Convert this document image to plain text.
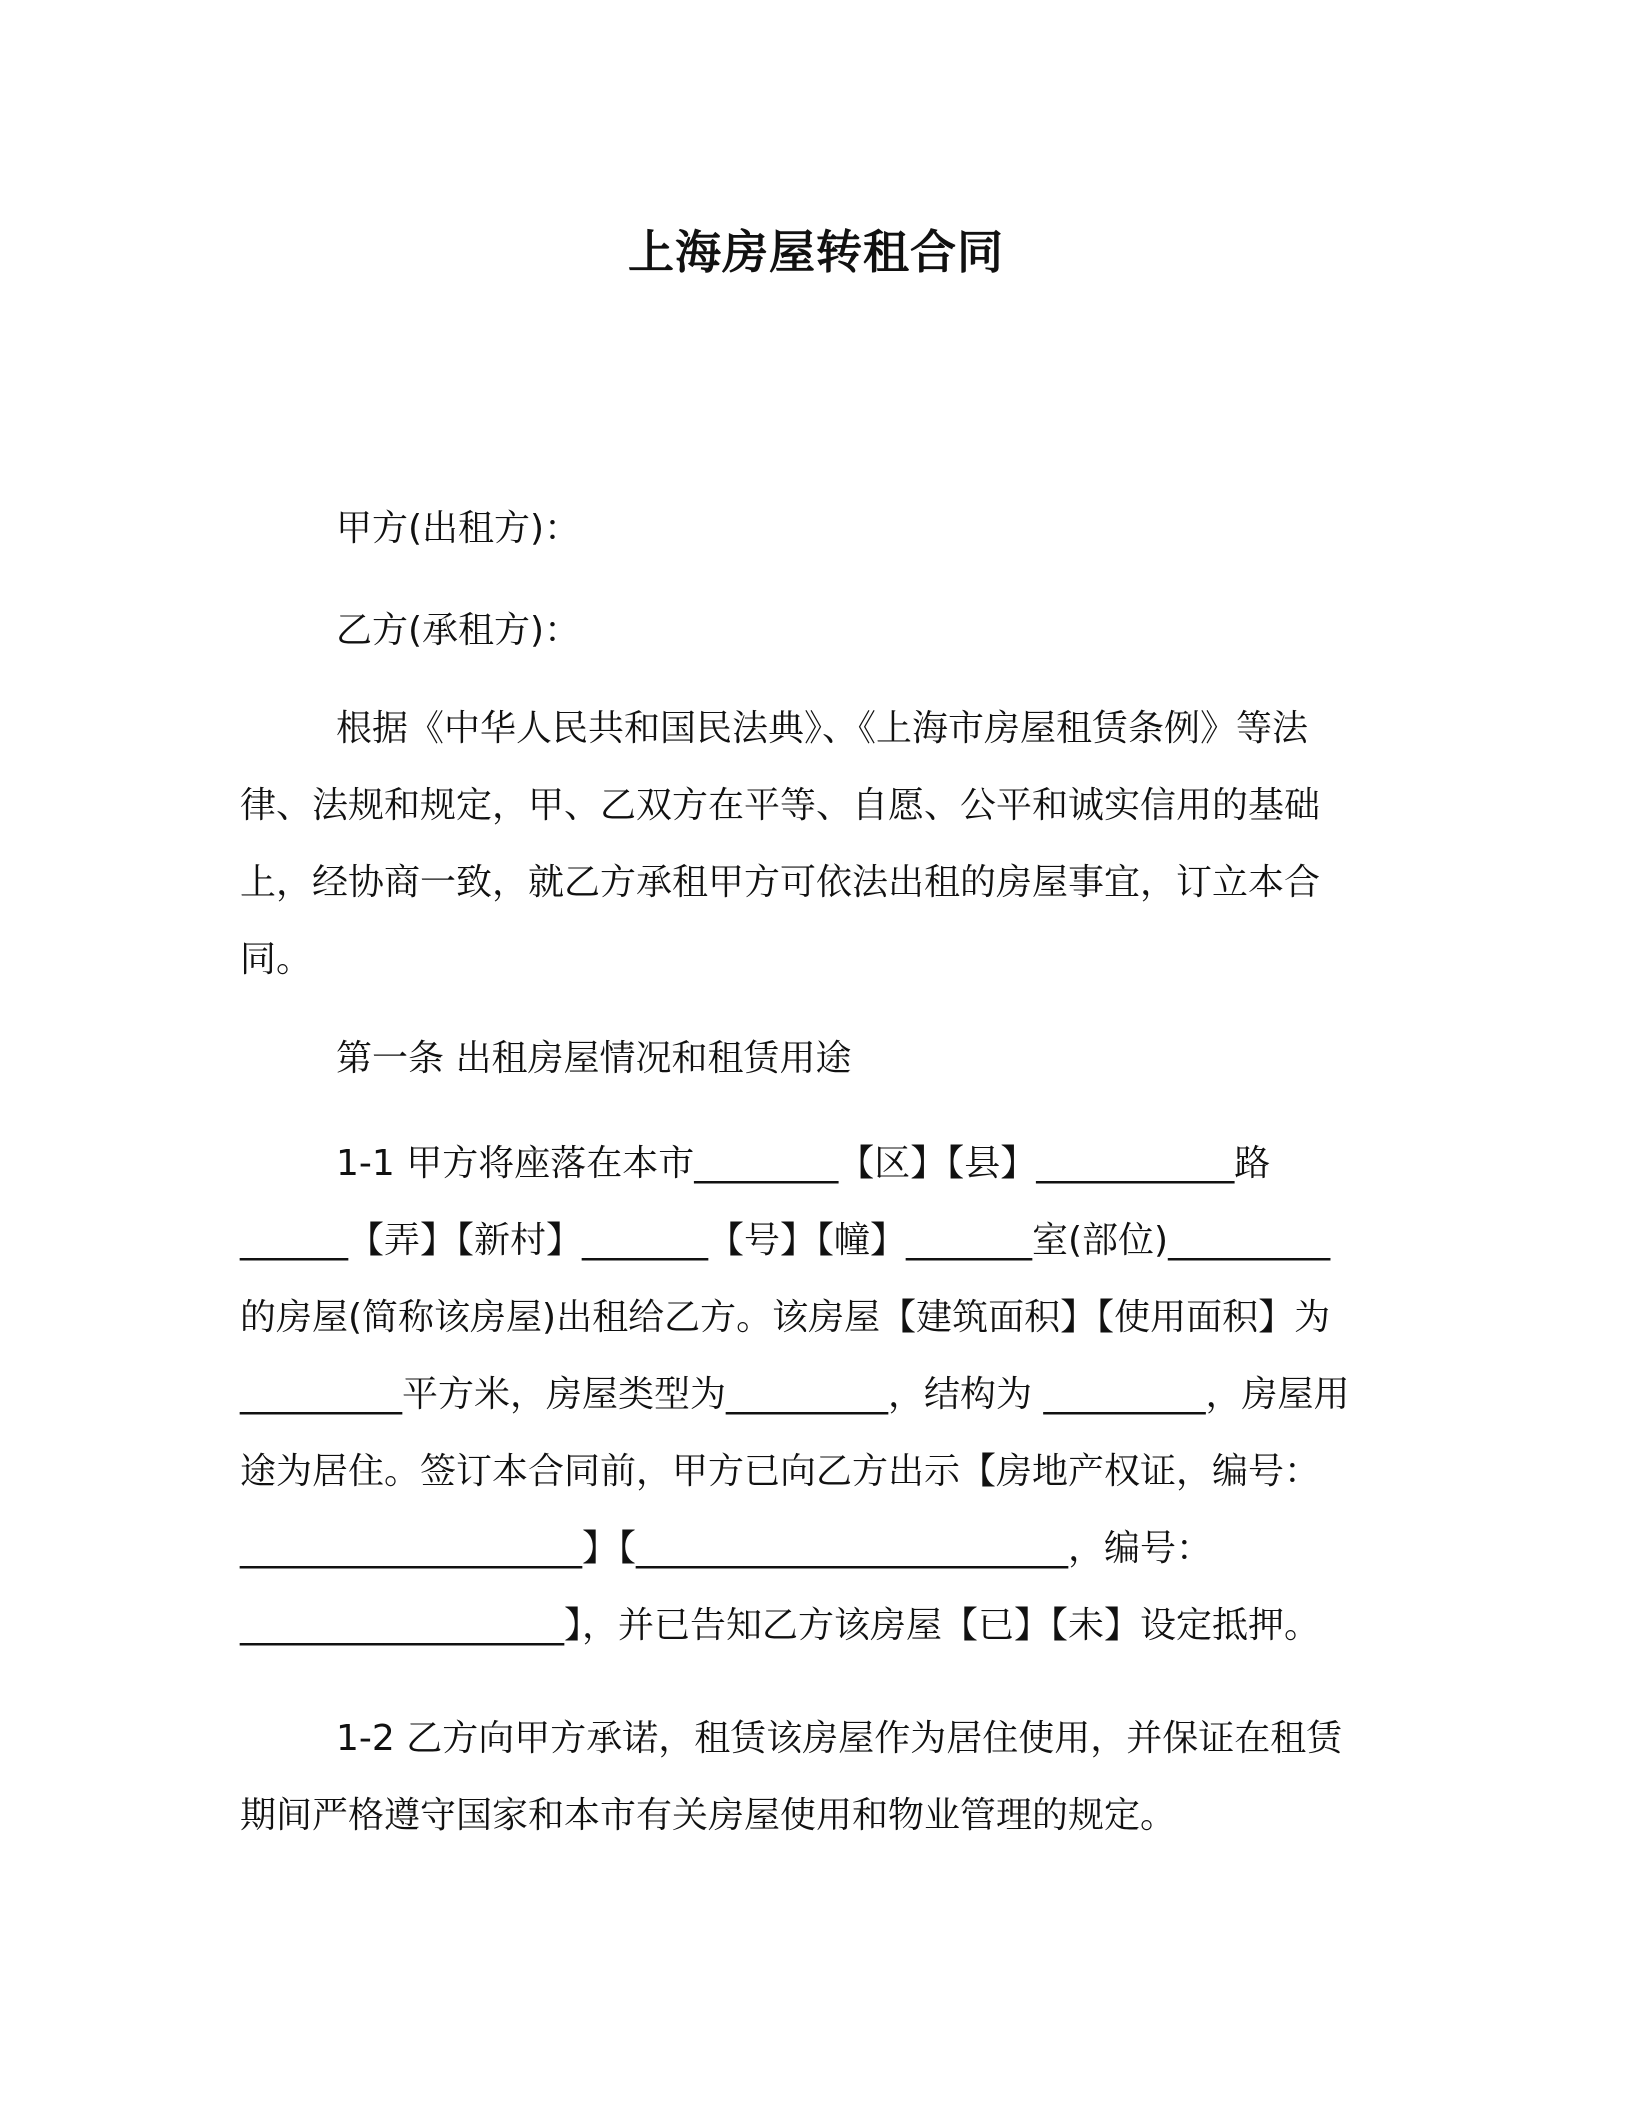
上海房屋转租合同
甲方(出租方)：
乙方(承租方)：
根据《中华人民共和国民法典》、《上海市房屋租赁条例》等法
律、法规和规定，甲、乙双方在平等、自愿、公平和诚实信用的基础
上，经协商一致，就乙方承租甲方可依法出租的房屋事宜，订立本合
同。
第一条 出租房屋情况和租赁用途
1-1 甲方将座落在本市________【区】【县】___________路
______【弄】【新村】_______【号】【幢】_______室(部位)_________
的房屋(简称该房屋)出租给乙方。该房屋【建筑面积】【使用面积】为
_________平方米，房屋类型为_________，结构为 _________，房屋用
途为居住。签订本合同前，甲方已向乙方出示【房地产权证，编号：
___________________】【________________________，编号：
__________________】，并已告知乙方该房屋【已】【未】设定抵押。
1-2 乙方向甲方承诺，租赁该房屋作为居住使用，并保证在租赁
期间严格遵守国家和本市有关房屋使用和物业管理的规定。
